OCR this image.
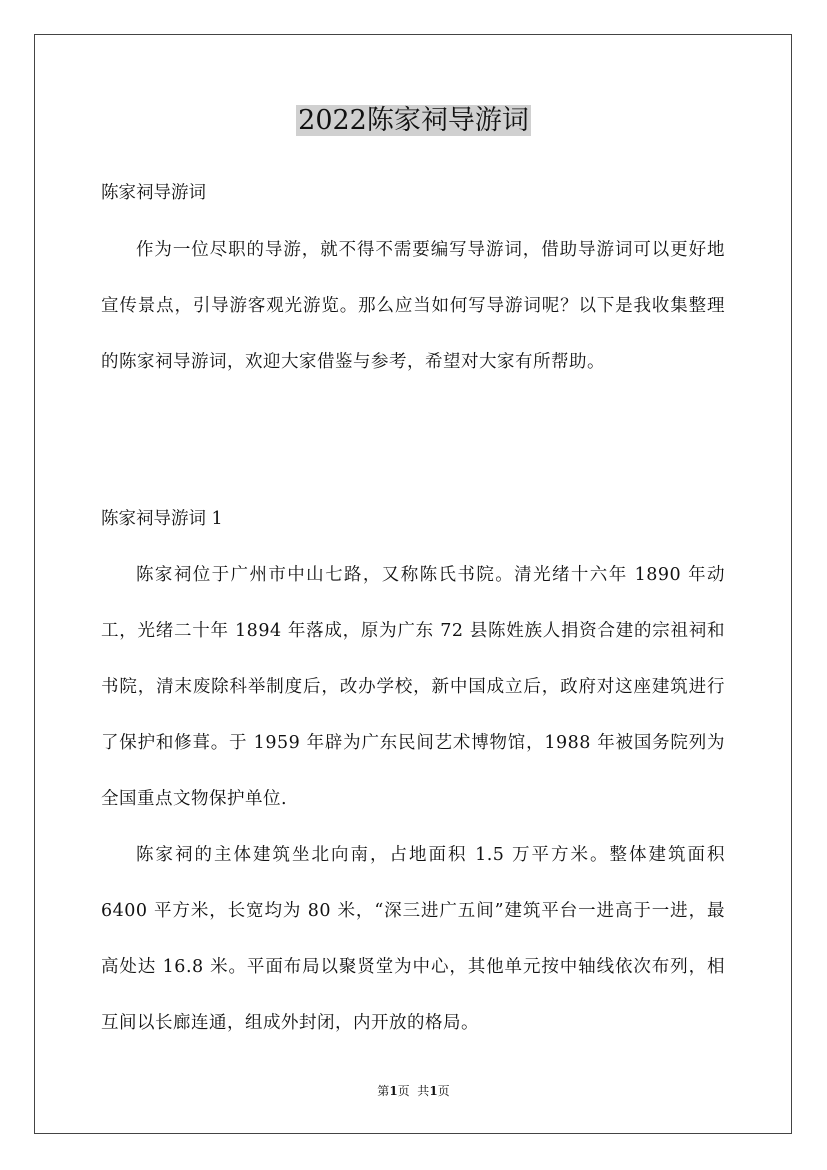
2022陈家祠导游词
陈家祠导游词

作为一位尽职的导游，就不得不需要编写导游词，借助导游词可以更好地宣传景点，引导游客观光游览。那么应当如何写导游词呢？以下是我收集整理的陈家祠导游词，欢迎大家借鉴与参考，希望对大家有所帮助。

陈家祠导游词 1

陈家祠位于广州市中山七路，又称陈氏书院。清光绪十六年 1890 年动工，光绪二十年 1894 年落成，原为广东 72 县陈姓族人捐资合建的宗祖祠和书院，清末废除科举制度后，改办学校，新中国成立后，政府对这座建筑进行了保护和修葺。于 1959 年辟为广东民间艺术博物馆，1988 年被国务院列为全国重点文物保护单位.

陈家祠的主体建筑坐北向南，占地面积 1.5 万平方米。整体建筑面积 6400 平方米，长宽均为 80 米，“深三进广五间”建筑平台一进高于一进，最高处达 16.8 米。平面布局以聚贤堂为中心，其他单元按中轴线依次布列，相互间以长廊连通，组成外封闭，内开放的格局。

第1页  共1页
